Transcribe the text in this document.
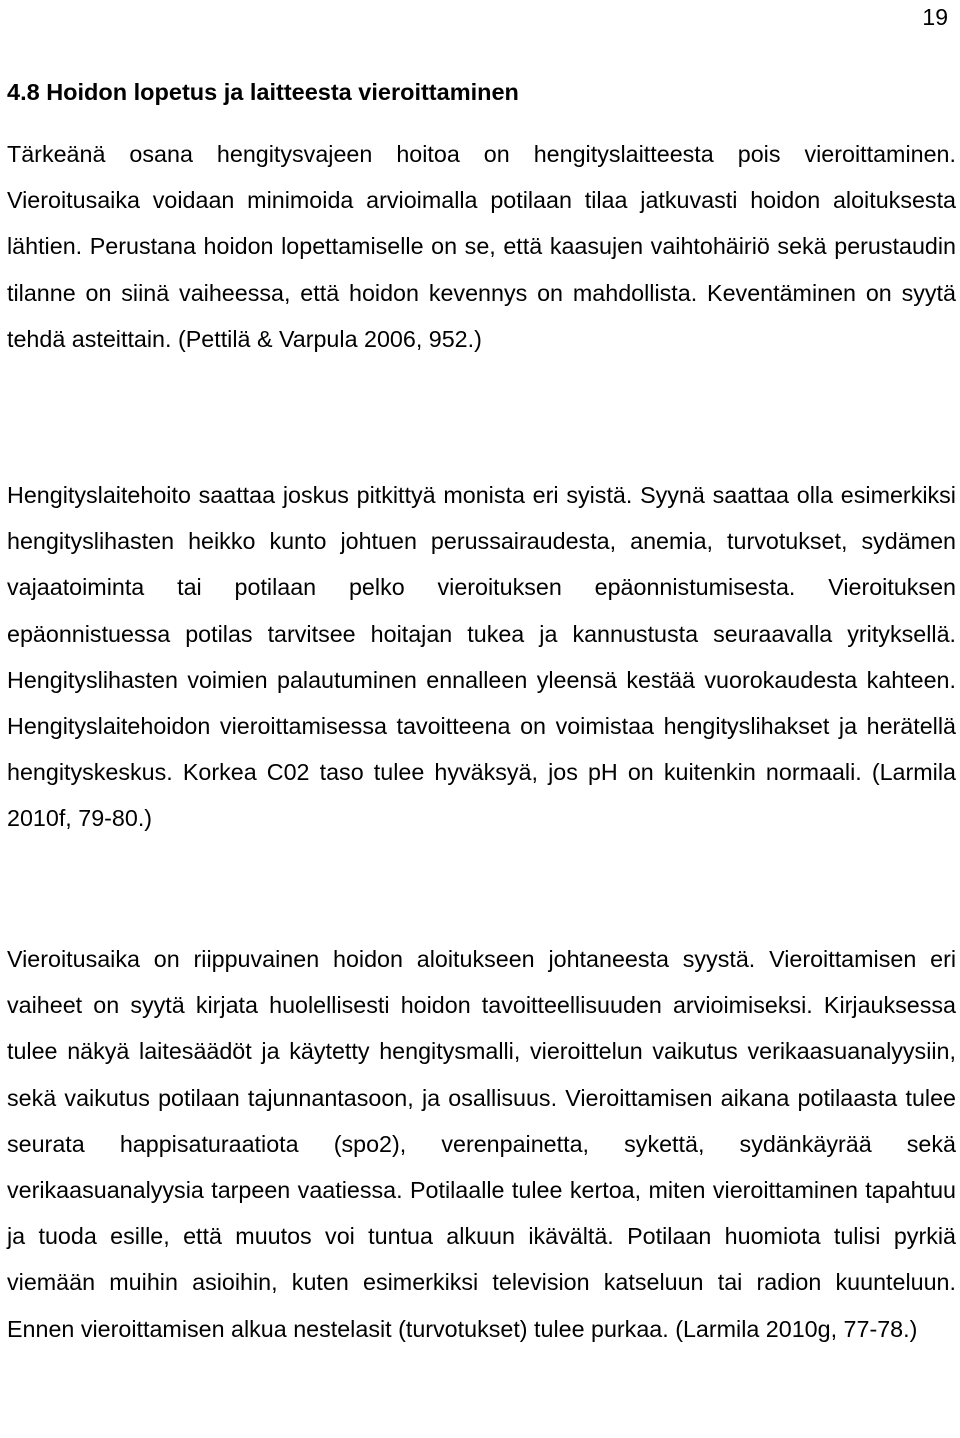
19
4.8 Hoidon lopetus ja laitteesta vieroittaminen

Tärkeänä osana hengitysvajeen hoitoa on hengityslaitteesta pois vieroittaminen. Vieroitusaika voidaan minimoida arvioimalla potilaan tilaa jatkuvasti hoidon aloituksesta lähtien. Perustana hoidon lopettamiselle on se, että kaasujen vaihtohäiriö sekä perustaudin tilanne on siinä vaiheessa, että hoidon kevennys on mahdollista. Keventäminen on syytä tehdä asteittain. (Pettilä & Varpula 2006, 952.)

Hengityslaitehoito saattaa joskus pitkittyä monista eri syistä. Syynä saattaa olla esimerkiksi hengityslihasten heikko kunto johtuen perussairaudesta, anemia, turvotukset, sydämen vajaatoiminta tai potilaan pelko vieroituksen epäonnistumisesta. Vieroituksen epäonnistuessa potilas tarvitsee hoitajan tukea ja kannustusta seuraavalla yrityksellä. Hengityslihasten voimien palautuminen ennalleen yleensä kestää vuorokaudesta kahteen. Hengityslaitehoidon vieroittamisessa tavoitteena on voimistaa hengityslihakset ja herätellä hengityskeskus. Korkea C02 taso tulee hyväksyä, jos pH on kuitenkin normaali. (Larmila 2010f, 79-80.)

Vieroitusaika on riippuvainen hoidon aloitukseen johtaneesta syystä. Vieroittamisen eri vaiheet on syytä kirjata huolellisesti hoidon tavoitteellisuuden arvioimiseksi. Kirjauksessa tulee näkyä laitesäädöt ja käytetty hengitysmalli, vieroittelun vaikutus verikaasuanalyysiin, sekä vaikutus potilaan tajunnantasoon, ja osallisuus. Vieroittamisen aikana potilaasta tulee seurata happisaturaatiota (spo2), verenpainetta, sykettä, sydänkäyrää sekä verikaasuanalyysia tarpeen vaatiessa. Potilaalle tulee kertoa, miten vieroittaminen tapahtuu ja tuoda esille, että muutos voi tuntua alkuun ikävältä. Potilaan huomiota tulisi pyrkiä viemään muihin asioihin, kuten esimerkiksi television katseluun tai radion kuunteluun. Ennen vieroittamisen alkua nestelasit (turvotukset) tulee purkaa. (Larmila 2010g, 77-78.)
